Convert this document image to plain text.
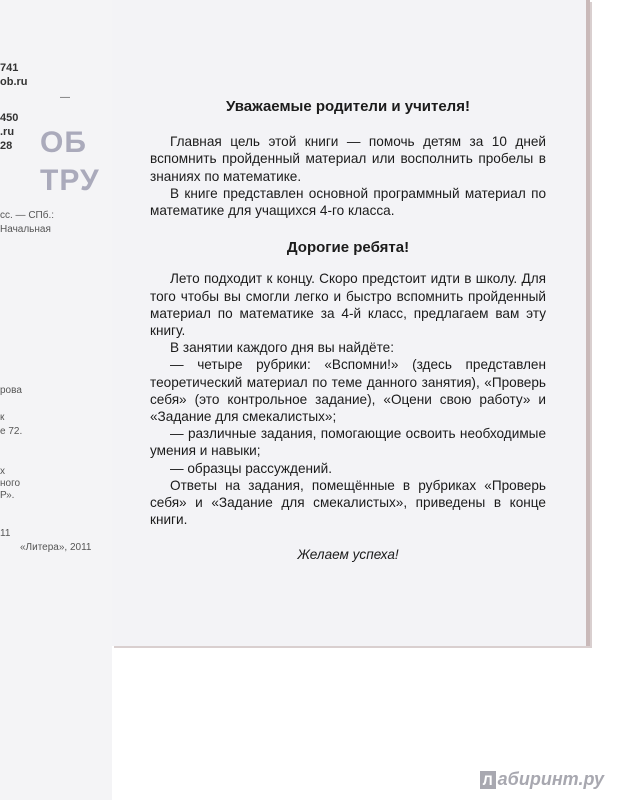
741
ob.ru
—
450
.ru
28 ОБ
ТРУ
сс. — СПб.:
Начальная
рова
к
е 72.
х
ного
Р».
11
«Литера», 2011
Уважаемые родители и учителя!

Главная цель этой книги — помочь детям за 10 дней вспомнить пройденный материал или восполнить пробелы в знаниях по математике.

В книге представлен основной программный материал по математике для учащихся 4-го класса.

Дорогие ребята!

Лето подходит к концу. Скоро предстоит идти в школу. Для того чтобы вы смогли легко и быстро вспомнить пройденный материал по математике за 4-й класс, предлагаем вам эту книгу.

В занятии каждого дня вы найдёте:

— четыре рубрики: «Вспомни!» (здесь представлен теоретический материал по теме данного занятия), «Проверь себя» (это контрольное задание), «Оцени свою работу» и «Задание для смекалистых»;

— различные задания, помогающие освоить необходимые умения и навыки;

— образцы рассуждений.

Ответы на задания, помещённые в рубриках «Проверь себя» и «Задание для смекалистых», приведены в конце книги.

Желаем успеха!
Л абиринт.ру
